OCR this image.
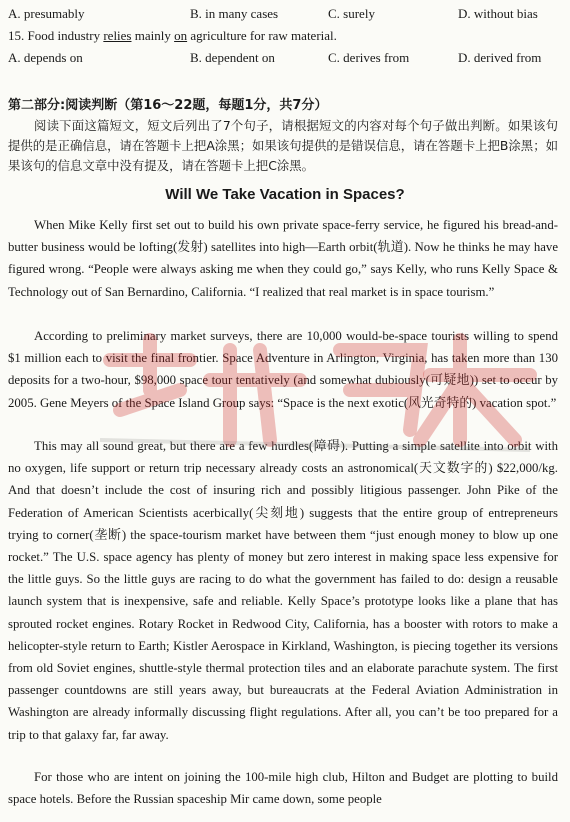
A. presumably	B. in many cases	C. surely	D. without bias
15. Food industry relies mainly on agriculture for raw material.
A. depends on	B. dependent on	C. derives from	D. derived from
第二部分:阅读判断（第16～22题，每题1分，共7分）
阅读下面这篇短文，短文后列出了7个句子，请根据短文的内容对每个句子做出判断。如果该句提供的是正确信息，请在答题卡上把A涂黑；如果该句提供的是错误信息，请在答题卡上把B涂黑；如果该句的信息文章中没有提及，请在答题卡上把C涂黑。
Will We Take Vacation in Spaces?
When Mike Kelly first set out to build his own private space-ferry service, he figured his bread-and-butter business would be lofting(发射) satellites into high—Earth orbit(轨道). Now he thinks he may have figured wrong. “People were always asking me when they could go,” says Kelly, who runs Kelly Space & Technology out of San Bernardino, California. “I realized that real market is in space tourism.”
According to preliminary market surveys, there are 10,000 would-be-space tourists willing to spend $1 million each to visit the final frontier. Space Adventure in Arlington, Virginia, has taken more than 130 deposits for a two-hour, $98,000 space tour tentatively (and somewhat dubiously(可疑地)) set to occur by 2005. Gene Meyers of the Space Island Group says: “Space is the next exotic(风光奇特的) vacation spot.”
This may all sound great, but there are a few hurdles(障碍). Putting a simple satellite into orbit with no oxygen, life support or return trip necessary already costs an astronomical(天文数字的) $22,000/kg. And that doesn’t include the cost of insuring rich and possibly litigious passenger. John Pike of the Federation of American Scientists acerbically(尖刻地) suggests that the entire group of entrepreneurs trying to corner(垄断) the space-tourism market have between them “just enough money to blow up one rocket.” The U.S. space agency has plenty of money but zero interest in making space less expensive for the little guys. So the little guys are racing to do what the government has failed to do: design a reusable launch system that is inexpensive, safe and reliable. Kelly Space’s prototype looks like a plane that has sprouted rocket engines. Rotary Rocket in Redwood City, California, has a booster with rotors to make a helicopter-style return to Earth; Kistler Aerospace in Kirkland, Washington, is piecing together its versions from old Soviet engines, shuttle-style thermal protection tiles and an elaborate parachute system. The first passenger countdowns are still years away, but bureaucrats at the Federal Aviation Administration in Washington are already informally discussing flight regulations. After all, you can’t be too prepared for a trip to that galaxy far, far away.
For those who are intent on joining the 100-mile high club, Hilton and Budget are plotting to build space hotels. Before the Russian spaceship Mir came down, some people
